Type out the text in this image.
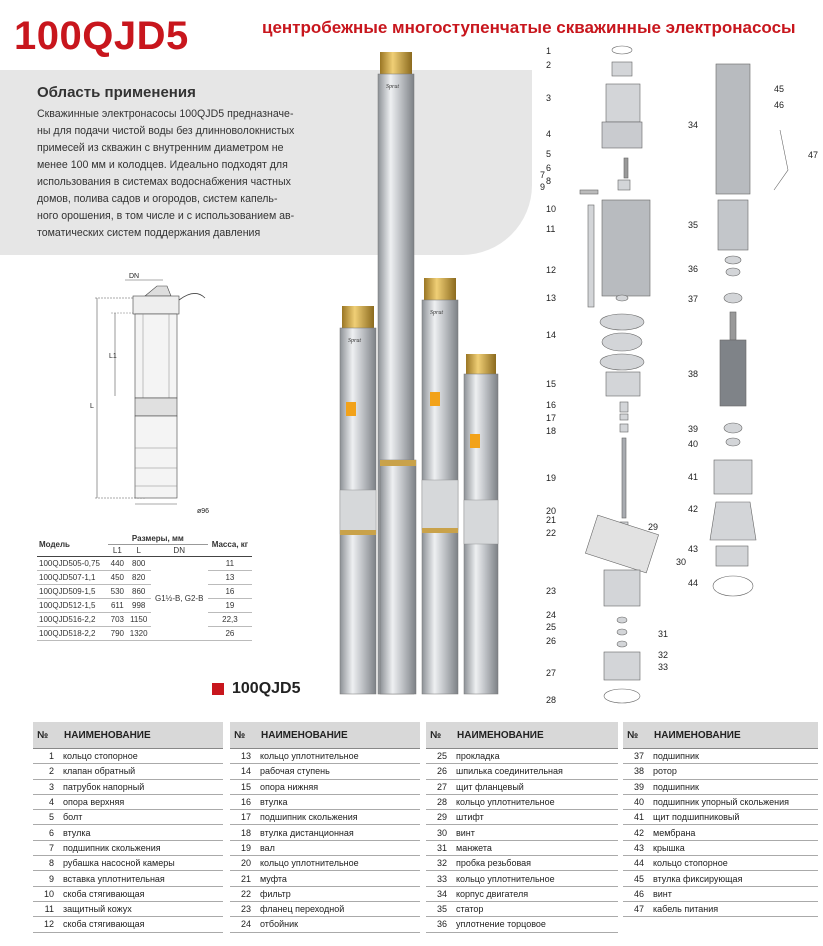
100QJD5	центробежные многоступенчатые скважинные электронасосы
Область применения
Скважинные электронасосы 100QJD5 предназначе-
ны для подачи чистой воды без длинноволокнистых
примесей из скважин с внутренним диаметром не
менее 100 мм и колодцев. Идеально подходят для
использования в системах водоснабжения частных
домов, полива садов и огородов, систем капель-
ного орошения, в том числе и с использованием ав-
томатических систем поддержания давления
DN
L1
L
ø96
Модель	Размеры, мм			Масса, кг
	L1	L	DN	
100QJD505-0,75	440	800	G1½-B, G2-B	11
100QJD507-1,1	450	820		13
100QJD509-1,5	530	860		16
100QJD512-1,5	611	998		19
100QJD516-2,2	703	1150		22,3
100QJD518-2,2	790	1320		26
Sprut
Sprut
Sprut
100QJD5
1
2
3
4
5
6
7
8
9
10
11
12
13
14
15
16
17
18
19
20
21
22
23
24
25
26
27
28
29
30
31
32
33
34
35
36
37
38
39
40
41
42
43
44
45
46
47
№	НАИМЕНОВАНИЕ
1	кольцо стопорное
2	клапан обратный
3	патрубок напорный
4	опора верхняя
5	болт
6	втулка
7	подшипник скольжения
8	рубашка насосной камеры
9	вставка уплотнительная
10	скоба стягивающая
11	защитный кожух
12	скоба стягивающая
№	НАИМЕНОВАНИЕ
13	кольцо уплотнительное
14	рабочая ступень
15	опора нижняя
16	втулка
17	подшипник скольжения
18	втулка дистанционная
19	вал
20	кольцо уплотнительное
21	муфта
22	фильтр
23	фланец переходной
24	отбойник
№	НАИМЕНОВАНИЕ
25	прокладка
26	шпилька соединительная
27	щит фланцевый
28	кольцо уплотнительное
29	штифт
30	винт
31	манжета
32	пробка резьбовая
33	кольцо уплотнительное
34	корпус двигателя
35	статор
36	уплотнение торцовое
№	НАИМЕНОВАНИЕ
37	подшипник
38	ротор
39	подшипник
40	подшипник упорный скольжения
41	щит подшипниковый
42	мембрана
43	крышка
44	кольцо стопорное
45	втулка фиксирующая
46	винт
47	кабель питания
